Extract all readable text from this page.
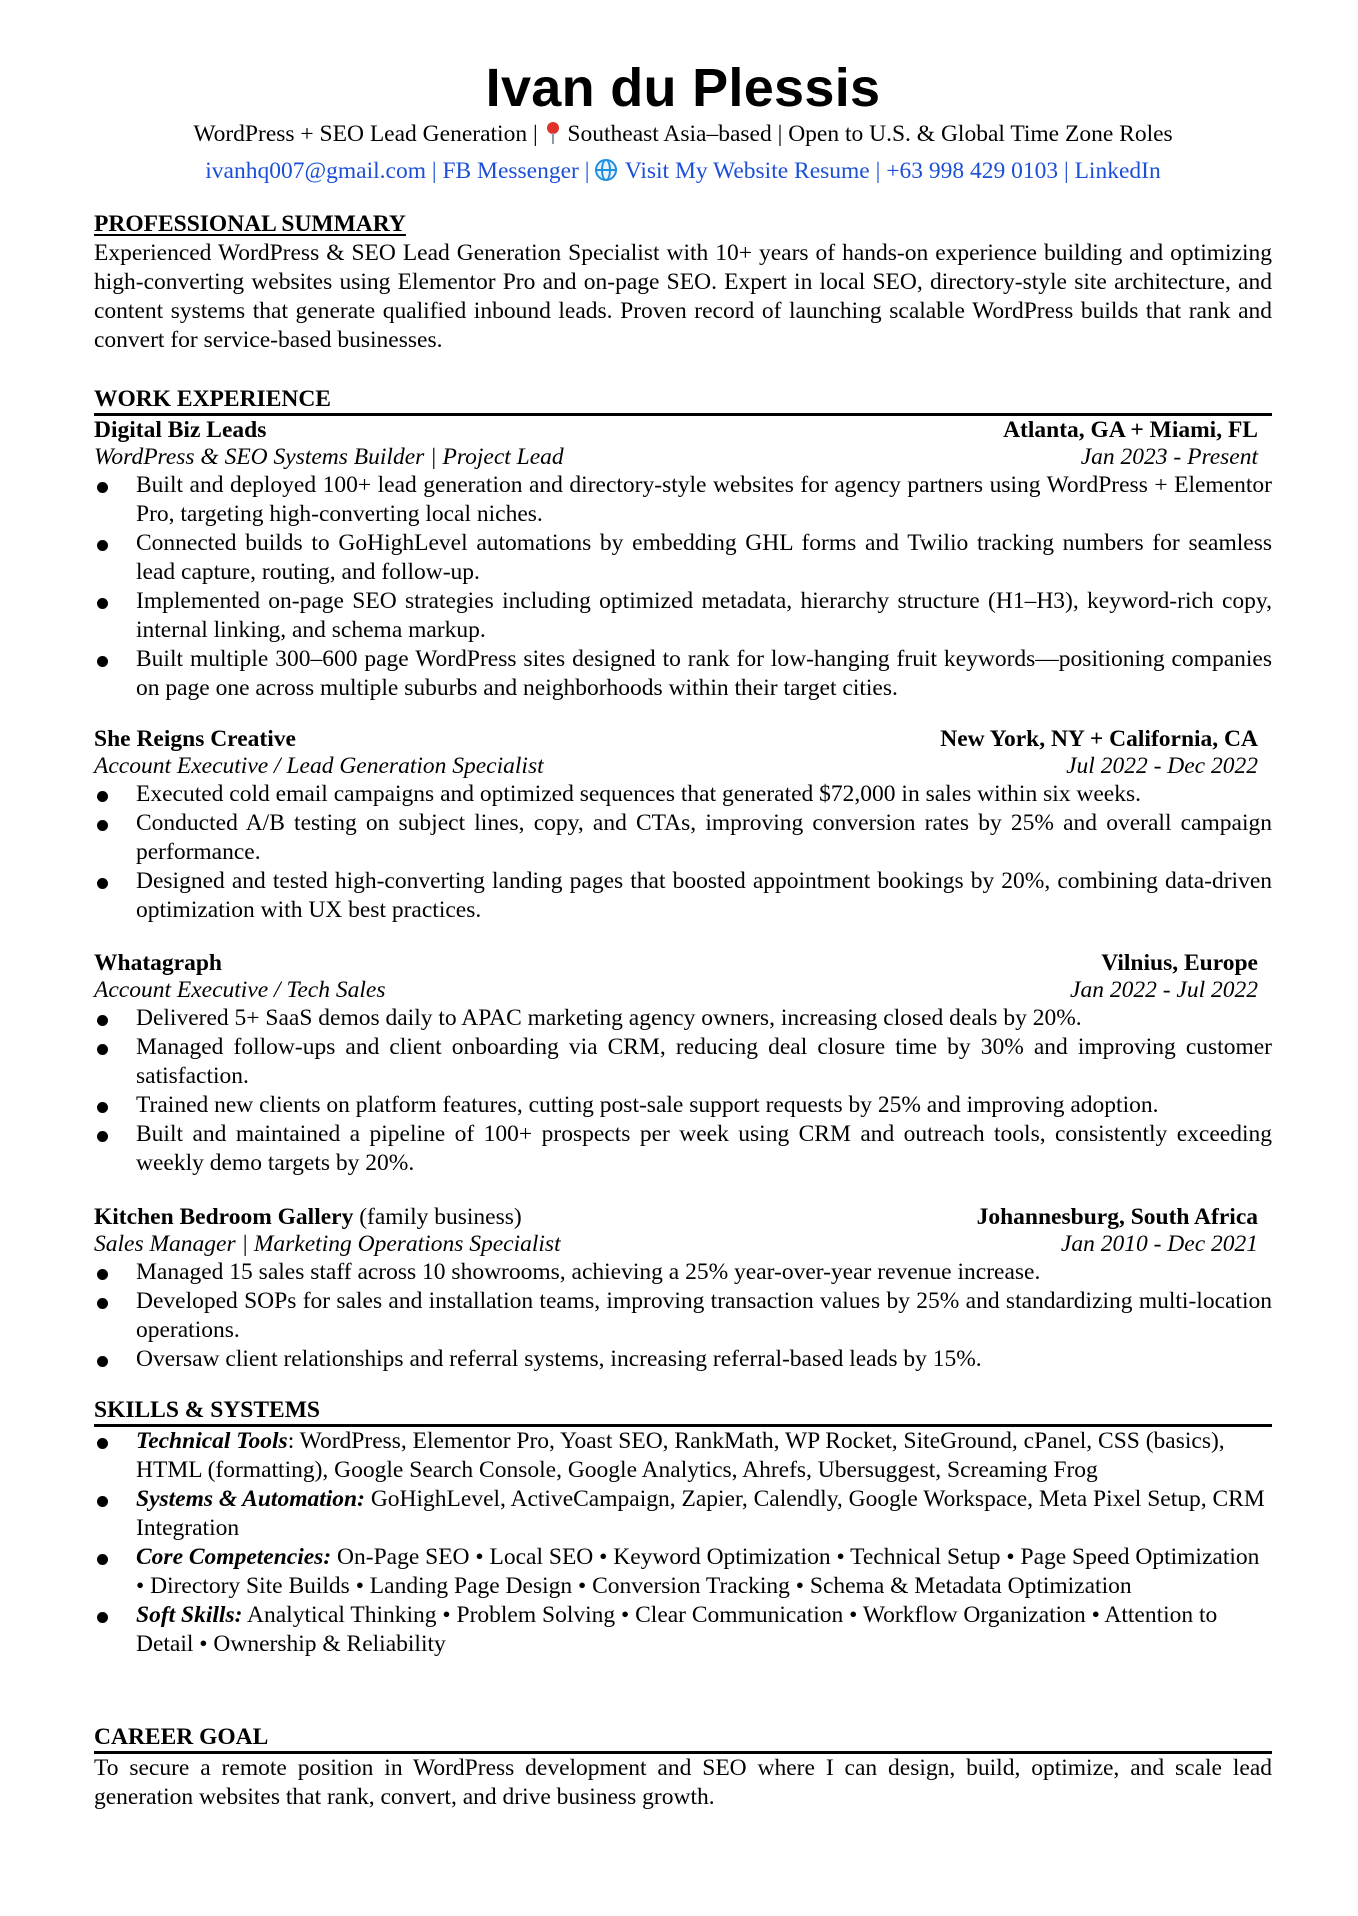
Ivan du Plessis
WordPress + SEO Lead Generation |  Southeast Asia–based | Open to U.S. & Global Time Zone Roles
ivanhq007@gmail.com | FB Messenger |  Visit My Website Resume | +63 998 429 0103 | LinkedIn
PROFESSIONAL SUMMARY
Experienced WordPress & SEO Lead Generation Specialist with 10+ years of hands-on experience building and optimizing high-converting websites using Elementor Pro and on-page SEO. Expert in local SEO, directory-style site architecture, and content systems that generate qualified inbound leads. Proven record of launching scalable WordPress builds that rank and convert for service-based businesses.
WORK EXPERIENCE
Digital Biz Leads	Atlanta, GA + Miami, FL
WordPress & SEO Systems Builder | Project Lead	Jan 2023 - Present
Built and deployed 100+ lead generation and directory-style websites for agency partners using WordPress + Elementor Pro, targeting high-converting local niches.
Connected builds to GoHighLevel automations by embedding GHL forms and Twilio tracking numbers for seamless lead capture, routing, and follow-up.
Implemented on-page SEO strategies including optimized metadata, hierarchy structure (H1–H3), keyword-rich copy, internal linking, and schema markup.
Built multiple 300–600 page WordPress sites designed to rank for low-hanging fruit keywords—positioning companies on page one across multiple suburbs and neighborhoods within their target cities.
She Reigns Creative	New York, NY + California, CA
Account Executive / Lead Generation Specialist	Jul 2022 - Dec 2022
Executed cold email campaigns and optimized sequences that generated $72,000 in sales within six weeks.
Conducted A/B testing on subject lines, copy, and CTAs, improving conversion rates by 25% and overall campaign performance.
Designed and tested high-converting landing pages that boosted appointment bookings by 20%, combining data-driven optimization with UX best practices.
Whatagraph	Vilnius, Europe
Account Executive / Tech Sales	Jan 2022 - Jul 2022
Delivered 5+ SaaS demos daily to APAC marketing agency owners, increasing closed deals by 20%.
Managed follow-ups and client onboarding via CRM, reducing deal closure time by 30% and improving customer satisfaction.
Trained new clients on platform features, cutting post-sale support requests by 25% and improving adoption.
Built and maintained a pipeline of 100+ prospects per week using CRM and outreach tools, consistently exceeding weekly demo targets by 20%.
Kitchen Bedroom Gallery (family business)	Johannesburg, South Africa
Sales Manager | Marketing Operations Specialist	Jan 2010 - Dec 2021
Managed 15 sales staff across 10 showrooms, achieving a 25% year-over-year revenue increase.
Developed SOPs for sales and installation teams, improving transaction values by 25% and standardizing multi-location operations.
Oversaw client relationships and referral systems, increasing referral-based leads by 15%.
SKILLS & SYSTEMS
Technical Tools: WordPress, Elementor Pro, Yoast SEO, RankMath, WP Rocket, SiteGround, cPanel, CSS (basics), HTML (formatting), Google Search Console, Google Analytics, Ahrefs, Ubersuggest, Screaming Frog
Systems & Automation: GoHighLevel, ActiveCampaign, Zapier, Calendly, Google Workspace, Meta Pixel Setup, CRM Integration
Core Competencies: On-Page SEO • Local SEO • Keyword Optimization • Technical Setup • Page Speed Optimization • Directory Site Builds • Landing Page Design • Conversion Tracking • Schema & Metadata Optimization
Soft Skills: Analytical Thinking • Problem Solving • Clear Communication • Workflow Organization • Attention to Detail • Ownership & Reliability
CAREER GOAL
To secure a remote position in WordPress development and SEO where I can design, build, optimize, and scale lead generation websites that rank, convert, and drive business growth.
